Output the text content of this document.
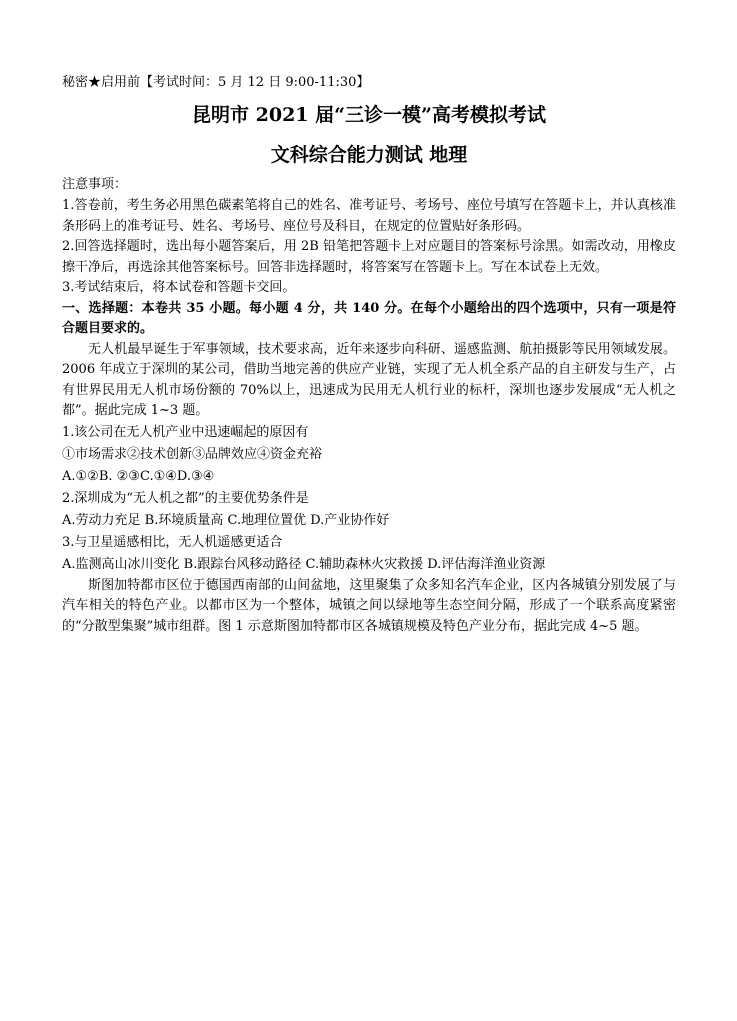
秘密★启用前【考试时间：5 月 12 日 9:00-11:30】
昆明市 2021 届“三诊一模”高考模拟考试
文科综合能力测试 地理
注意事项：

1.答卷前，考生务必用黑色碳素笔将自己的姓名、准考证号、考场号、座位号填写在答题卡上，并认真核准条形码上的准考证号、姓名、考场号、座位号及科目，在规定的位置贴好条形码。

2.回答选择题时，选出每小题答案后，用 2B 铅笔把答题卡上对应题目的答案标号涂黑。如需改动，用橡皮擦干净后，再选涂其他答案标号。回答非选择题时，将答案写在答题卡上。写在本试卷上无效。

3.考试结束后，将本试卷和答题卡交回。

一、选择题：本卷共 35 小题。每小题 4 分，共 140 分。在每个小题给出的四个选项中，只有一项是符合题目要求的。

无人机最早诞生于军事领域，技术要求高，近年来逐步向科研、遥感监测、航拍摄影等民用领域发展。2006 年成立于深圳的某公司，借助当地完善的供应产业链，实现了无人机全系产品的自主研发与生产，占有世界民用无人机市场份额的 70%以上，迅速成为民用无人机行业的标杆，深圳也逐步发展成“无人机之都”。据此完成 1~3 题。

1.该公司在无人机产业中迅速崛起的原因有
①市场需求②技术创新③品牌效应④资金充裕
A.①②B. ②③C.①④D.③④
2.深圳成为“无人机之都”的主要优势条件是
A.劳动力充足 B.环境质量高 C.地理位置优 D.产业协作好
3.与卫星遥感相比，无人机遥感更适合
A.监测高山冰川变化 B.跟踪台风移动路径 C.辅助森林火灾救援 D.评估海洋渔业资源

斯图加特都市区位于德国西南部的山间盆地，这里聚集了众多知名汽车企业，区内各城镇分别发展了与汽车相关的特色产业。以都市区为一个整体，城镇之间以绿地等生态空间分隔，形成了一个联系高度紧密的“分散型集聚”城市组群。图 1 示意斯图加特都市区各城镇规模及特色产业分布，据此完成 4~5 题。
